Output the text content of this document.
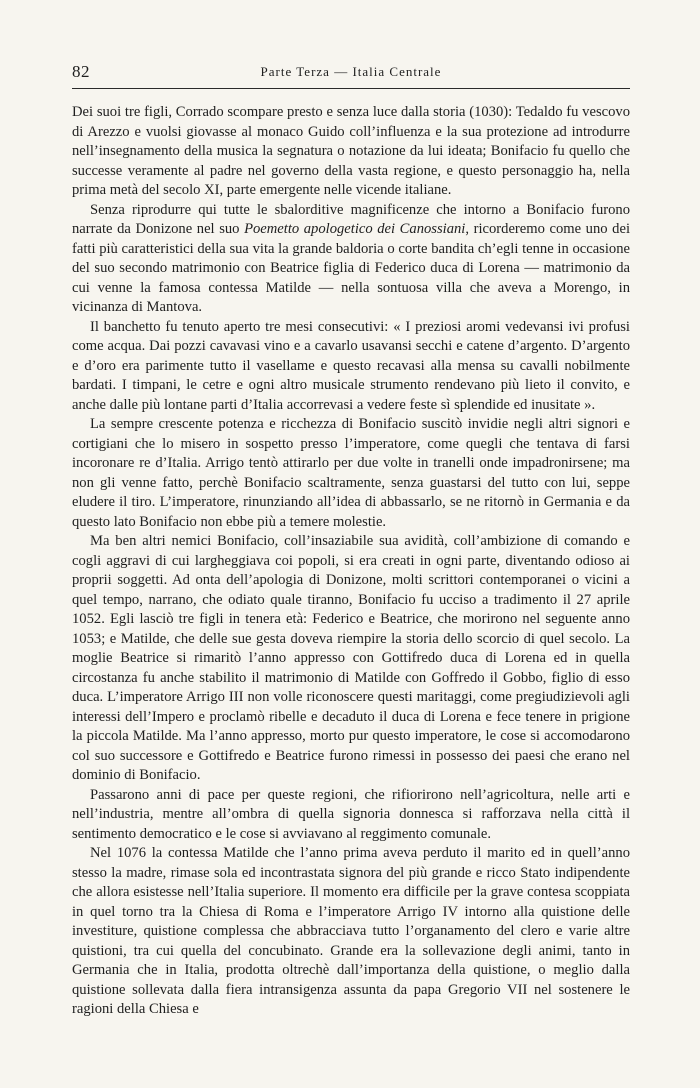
82	Parte Terza — Italia Centrale

Dei suoi tre figli, Corrado scompare presto e senza luce dalla storia (1030): Tedaldo fu vescovo di Arezzo e vuolsi giovasse al monaco Guido coll’influenza e la sua protezione ad introdurre nell’insegnamento della musica la segnatura o notazione da lui ideata; Bonifacio fu quello che successe veramente al padre nel governo della vasta regione, e questo personaggio ha, nella prima metà del secolo XI, parte emergente nelle vicende italiane.

Senza riprodurre qui tutte le sbalorditive magnificenze che intorno a Bonifacio furono narrate da Donizone nel suo Poemetto apologetico dei Canossiani, ricorderemo come uno dei fatti più caratteristici della sua vita la grande baldoria o corte bandita ch’egli tenne in occasione del suo secondo matrimonio con Beatrice figlia di Federico duca di Lorena — matrimonio da cui venne la famosa contessa Matilde — nella sontuosa villa che aveva a Morengo, in vicinanza di Mantova.

Il banchetto fu tenuto aperto tre mesi consecutivi: « I preziosi aromi vedevansi ivi profusi come acqua. Dai pozzi cavavasi vino e a cavarlo usavansi secchi e catene d’argento. D’argento e d’oro era parimente tutto il vasellame e questo recavasi alla mensa su cavalli nobilmente bardati. I timpani, le cetre e ogni altro musicale strumento rendevano più lieto il convito, e anche dalle più lontane parti d’Italia accorrevasi a vedere feste sì splendide ed inusitate ».

La sempre crescente potenza e ricchezza di Bonifacio suscitò invidie negli altri signori e cortigiani che lo misero in sospetto presso l’imperatore, come quegli che tentava di farsi incoronare re d’Italia. Arrigo tentò attirarlo per due volte in tranelli onde impadronirsene; ma non gli venne fatto, perchè Bonifacio scaltramente, senza guastarsi del tutto con lui, seppe eludere il tiro. L’imperatore, rinunziando all’idea di abbassarlo, se ne ritornò in Germania e da questo lato Bonifacio non ebbe più a temere molestie.

Ma ben altri nemici Bonifacio, coll’insaziabile sua avidità, coll’ambizione di comando e cogli aggravi di cui largheggiava coi popoli, si era creati in ogni parte, diventando odioso ai proprii soggetti. Ad onta dell’apologia di Donizone, molti scrittori contemporanei o vicini a quel tempo, narrano, che odiato quale tiranno, Bonifacio fu ucciso a tradimento il 27 aprile 1052. Egli lasciò tre figli in tenera età: Federico e Beatrice, che morirono nel seguente anno 1053; e Matilde, che delle sue gesta doveva riempire la storia dello scorcio di quel secolo. La moglie Beatrice si rimaritò l’anno appresso con Gottifredo duca di Lorena ed in quella circostanza fu anche stabilito il matrimonio di Matilde con Goffredo il Gobbo, figlio di esso duca. L’imperatore Arrigo III non volle riconoscere questi maritaggi, come pregiudizievoli agli interessi dell’Impero e proclamò ribelle e decaduto il duca di Lorena e fece tenere in prigione la piccola Matilde. Ma l’anno appresso, morto pur questo imperatore, le cose si accomodarono col suo successore e Gottifredo e Beatrice furono rimessi in possesso dei paesi che erano nel dominio di Bonifacio.

Passarono anni di pace per queste regioni, che rifiorirono nell’agricoltura, nelle arti e nell’industria, mentre all’ombra di quella signoria donnesca si rafforzava nella città il sentimento democratico e le cose si avviavano al reggimento comunale.

Nel 1076 la contessa Matilde che l’anno prima aveva perduto il marito ed in quell’anno stesso la madre, rimase sola ed incontrastata signora del più grande e ricco Stato indipendente che allora esistesse nell’Italia superiore. Il momento era difficile per la grave contesa scoppiata in quel torno tra la Chiesa di Roma e l’imperatore Arrigo IV intorno alla quistione delle investiture, quistione complessa che abbracciava tutto l’organamento del clero e varie altre quistioni, tra cui quella del concubinato. Grande era la sollevazione degli animi, tanto in Germania che in Italia, prodotta oltrechè dall’importanza della quistione, o meglio dalla quistione sollevata dalla fiera intransigenza assunta da papa Gregorio VII nel sostenere le ragioni della Chiesa e
